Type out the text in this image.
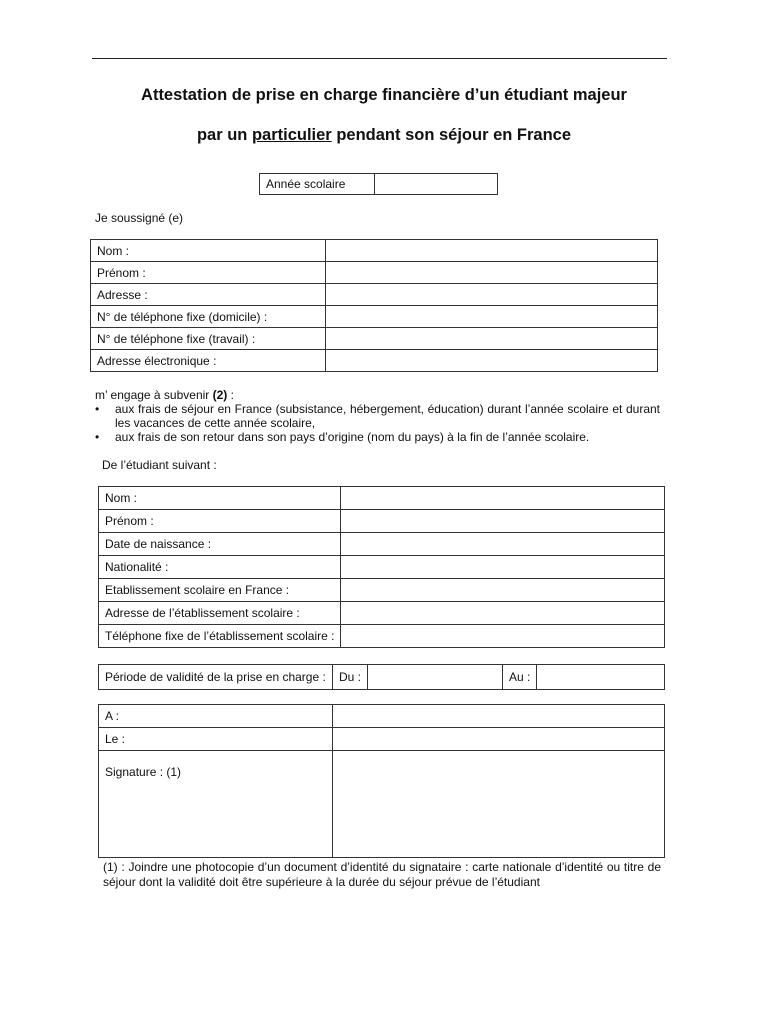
Attestation de prise en charge financière d’un étudiant majeur
par un particulier pendant son séjour en France
Année scolaire	
Je soussigné (e)
Nom :	
Prénom :	
Adresse :	
N° de téléphone fixe (domicile) :	
N° de téléphone fixe (travail) :	
Adresse électronique :	
m’ engage à subvenir (2) :
•	aux frais de séjour en France (subsistance, hébergement, éducation) durant l’année scolaire et durant les vacances de cette année scolaire,
•	aux frais de son retour dans son pays d’origine (nom du pays) à la fin de l’année scolaire.
De l’étudiant suivant :
Nom :	
Prénom :	
Date de naissance :	
Nationalité :	
Etablissement scolaire en France :	
Adresse de l’établissement scolaire :	
Téléphone fixe de l’établissement scolaire :	
Période de validité de la prise en charge :	Du :		Au :	
A :	
Le :	
Signature : (1)	
(1) : Joindre une photocopie d’un document d’identité du signataire : carte nationale d’identité ou titre de séjour dont la validité doit être supérieure à la durée du séjour prévue de l’étudiant
